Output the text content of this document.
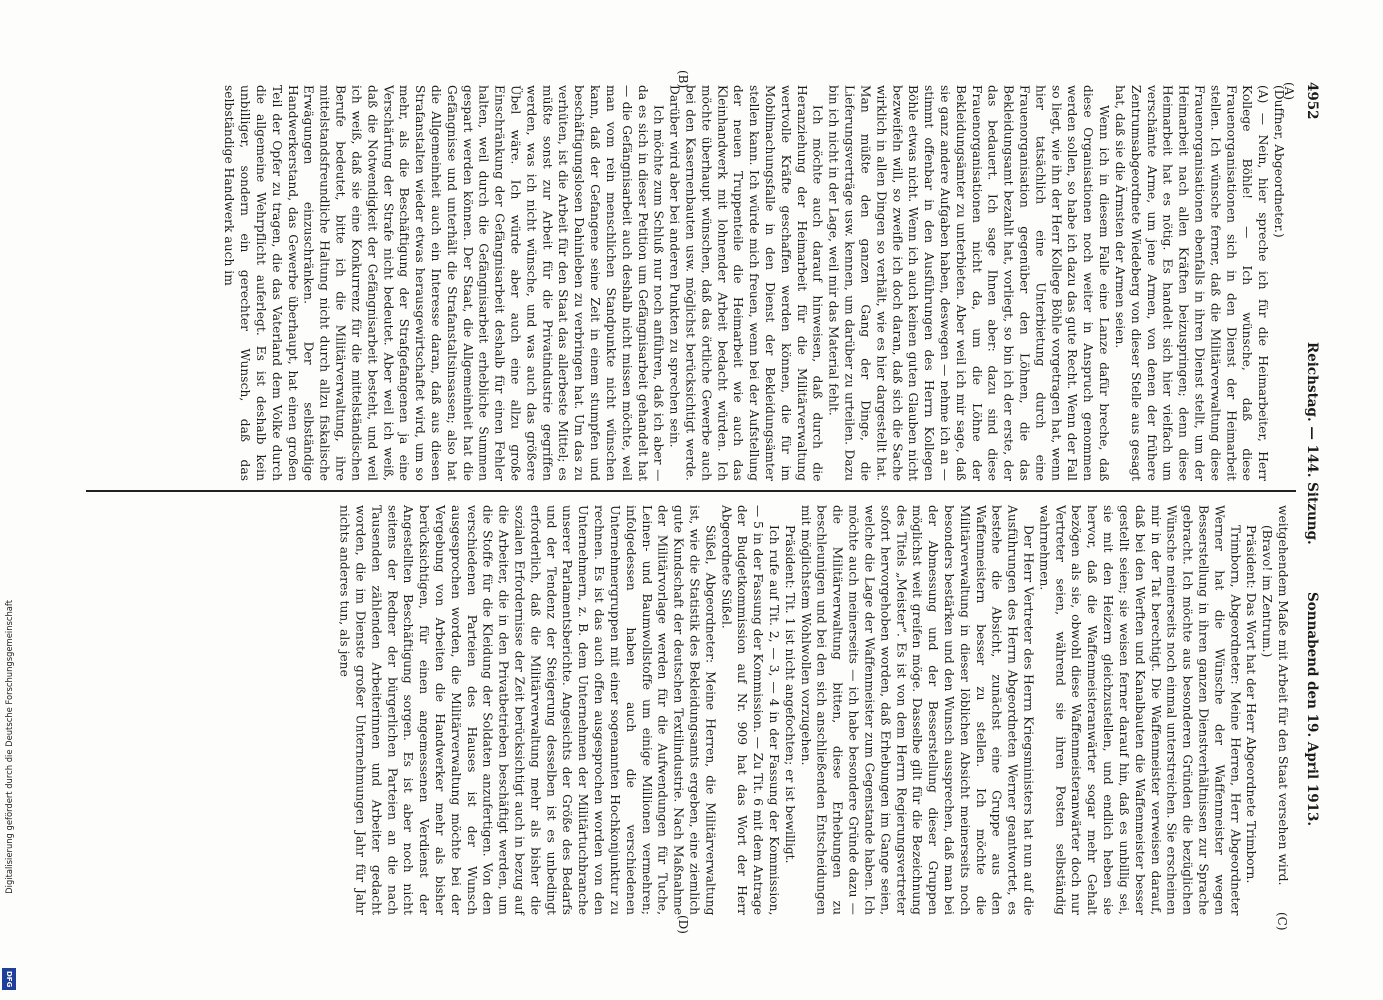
4952
Reichstag. — 144. Sitzung.
Sonnabend den 19. April 1913.
(A)
(B)
(C)
(D)

weitgehendem Maße mit Arbeit für den Staat versehen wird.

(Bravo! im Zentrum.)

Präsident: Das Wort hat der Herr Abgeordnete Trimborn.

Trimborn, Abgeordneter: Meine Herren, Herr Abgeordneter Werner hat die Wünsche der Waffenmeister wegen Besserstellung in ihren ganzen Dienstverhältnissen zur Sprache gebracht. Ich möchte aus besonderen Gründen die bezüglichen Wünsche meinerseits noch einmal unterstreichen. Sie erscheinen mir in der Tat berechtigt. Die Waffenmeister verweisen darauf, daß bei den Werften und Kanalbauten die Waffenmeister besser gestellt seien; sie weisen ferner darauf hin, daß es unbillig sei, sie mit den Heizern gleichzustellen, und endlich heben sie hervor, daß die Waffenmeisteranwärter sogar mehr Gehalt bezögen als sie, obwohl diese Waffenmeisteranwärter doch nur Vertreter seien, während sie ihren Posten selbständig wahrnehmen.

Der Herr Vertreter des Herrn Kriegsministers hat nun auf die Ausführungen des Herrn Abgeordneten Werner geantwortet, es bestehe die Absicht, zunächst eine Gruppe aus den Waffenmeistern besser zu stellen. Ich möchte die Militärverwaltung in dieser löblichen Absicht meinerseits noch besonders bestärken und den Wunsch aussprechen, daß man bei der Abmessung und der Besserstellung dieser Gruppen möglichst weit greifen möge. Dasselbe gilt für die Bezeichnung des Titels „Meister“. Es ist von dem Herrn Regierungsvertreter sofort hervorgehoben worden, daß Erhebungen im Gange seien, welche die Lage der Waffenmeister zum Gegenstande haben. Ich möchte auch meinerseits — ich habe besondere Gründe dazu — die Militärverwaltung bitten, diese Erhebungen zu beschleunigen und bei den sich anschließenden Entscheidungen mit möglichstem Wohlwollen vorzugehen.

Präsident: Tit. 1 ist nicht angefochten; er ist bewilligt.

Ich rufe auf Tit. 2, — 3, — 4 in der Fassung der Kommission, — 5 in der Fassung der Kommission. — Zu Tit. 6 mit dem Antrage der Budgetkommission auf Nr. 909 hat das Wort der Herr Abgeordnete Süßel.

Süßel, Abgeordneter: Meine Herren, die Militärverwaltung ist, wie die Statistik des Bekleidungsamts ergeben, eine ziemlich gute Kundschaft der deutschen Textilindustrie. Nach Maßnahme der Militärvorlage werden für die Aufwendungen für Tuche, Leinen- und Baumwollstoffe um einige Millionen vermehren; infolgedessen haben auch die verschiedenen Unternehmergruppen mit einer sogenannten Hochkonjunktur zu rechnen. Es ist das auch offen ausgesprochen worden von den Unternehmern, z. B. dem Unternehmen der Militärtuchbranche unserer Parlamentsberichte. Angesichts der Größe des Bedarfs und der Tendenz der Steigerung desselben ist es unbedingt erforderlich, daß die Militärverwaltung mehr als bisher die sozialen Erfordernisse der Zeit berücksichtigt auch in bezug auf die Arbeiter, die in den Privatbetrieben beschäftigt werden, um die Stoffe für die Kleidung der Soldaten anzufertigen. Von den verschiedenen Parteien des Hauses ist der Wunsch ausgesprochen worden, die Militärverwaltung möchte bei der Vergebung von Arbeiten die Handwerker mehr als bisher berücksichtigen, für einen angemessenen Verdienst der Angestellten Beschäftigung sorgen. Es ist aber noch nicht seitens der Redner der bürgerlichen Parteien an die nach Tausenden zählenden Arbeiterinnen und Arbeiter gedacht worden, die im Dienste großer Unternehmungen Jahr für Jahr nichts anderes tun, als jene

(Duffner, Abgeordneter.)

(A) — Nein, hier spreche ich für die Heimarbeiter, Herr Kollege Böhle! — Ich wünsche, daß diese Frauenorganisationen sich in den Dienst der Heimarbeit stellen. Ich wünsche ferner, daß die Militärverwaltung diese Frauenorganisationen ebenfalls in ihren Dienst stellt, um der Heimarbeit nach allen Kräften beizuspringen; denn diese Heimarbeit hat es nötig. Es handelt sich hier vielfach um verschämte Arme, um jene Armen, von denen der frühere Zentrumsabgeordnete Wiedeberg von dieser Stelle aus gesagt hat, daß sie die Ärmsten der Armen seien.

Wenn ich in diesem Falle eine Lanze dafür breche, daß diese Organisationen noch weiter in Anspruch genommen werden sollen, so habe ich dazu das gute Recht. Wenn der Fall so liegt, wie ihn der Herr Kollege Böhle vorgetragen hat, wenn hier tatsächlich eine Unterbietung durch eine Frauenorganisation gegenüber den Löhnen, die das Bekleidungsamt bezahlt hat, vorliegt, so bin ich der erste, der das bedauert. Ich sage Ihnen aber: dazu sind diese Frauenorganisationen nicht da, um die Löhne der Bekleidungsämter zu unterbieten. Aber weil ich mir sage, daß sie ganz andere Aufgaben haben, deswegen — nehme ich an — stimmt offenbar in den Ausführungen des Herrn Kollegen Böhle etwas nicht. Wenn ich auch keinen guten Glauben nicht bezweifeln will, so zweifle ich doch daran, daß sich die Sache wirklich in allen Dingen so verhält, wie es hier dargestellt hat. Man müßte den ganzen Gang der Dinge, die Lieferungsverträge usw. kennen, um darüber zu urteilen. Dazu bin ich nicht in der Lage, weil mir das Material fehlt.

Ich möchte auch darauf hinweisen, daß durch die Heranziehung der Heimarbeit für die Militärverwaltung wertvolle Kräfte geschaffen werden können, die für im Mobilmachungsfalle in den Dienst der Bekleidungsämter stellen kann. Ich würde mich freuen, wenn bei der Aufstellung der neuen Truppenteile die Heimarbeit wie auch das Kleinhandwerk mit lohnender Arbeit bedacht würden. Ich möchte überhaupt wünschen, daß das örtliche Gewerbe auch bei den Kasernenbauten usw. möglichst berücksichtigt werde. Darüber wird aber bei anderen Punkten zu sprechen sein.

Ich möchte zum Schluß nur noch anführen, daß ich aber — da es sich in dieser Petition um Gefängnisarbeit gehandelt hat — die Gefängnisarbeit auch deshalb nicht missen möchte, weil man vom rein menschlichen Standpunkte nicht wünschen kann, daß der Gefangene seine Zeit in einem stumpfen und beschäftigungslosen Dahinleben zu verbringen hat. Um das zu verhüten, ist die Arbeit für den Staat das allerbeste Mittel; es müßte sonst zur Arbeit für die Privatindustrie gegriffen werden, was ich nicht wünsche, und was auch das größere Übel wäre. Ich würde aber auch eine allzu große Einschränkung der Gefängnisarbeit deshalb für einen Fehler halten, weil durch die Gefängnisarbeit erhebliche Summen gespart werden können. Der Staat, die Allgemeinheit hat die Gefängnisse und unterhält die Strafanstaltsinsassen; also hat die Allgemeinheit auch ein Interesse daran, daß aus diesen Strafanstalten wieder etwas herausgewirtschaftet wird, um so mehr, als die Beschäftigung der Strafgefangenen ja eine Verschärfung der Strafe nicht bedeutet. Aber weil ich weiß, daß die Notwendigkeit der Gefängnisarbeit besteht, und weil ich weiß, daß sie eine Konkurrenz für die mittelständischen Berufe bedeutet, bitte ich die Militärverwaltung, ihre mittelstandsfreundliche Haltung nicht durch allzu fiskalische Erwägungen einzuschränken. Der selbständige Handwerkerstand, das Gewerbe überhaupt, hat einen großen Teil der Opfer zu tragen, die das Vaterland dem Volke durch die allgemeine Wehrpflicht auferlegt. Es ist deshalb kein unbilliger, sondern ein gerechter Wunsch, daß das selbständige Handwerk auch im

Digitalisierung gefördert durch die Deutsche Forschungsgemeinschaft
DFG
